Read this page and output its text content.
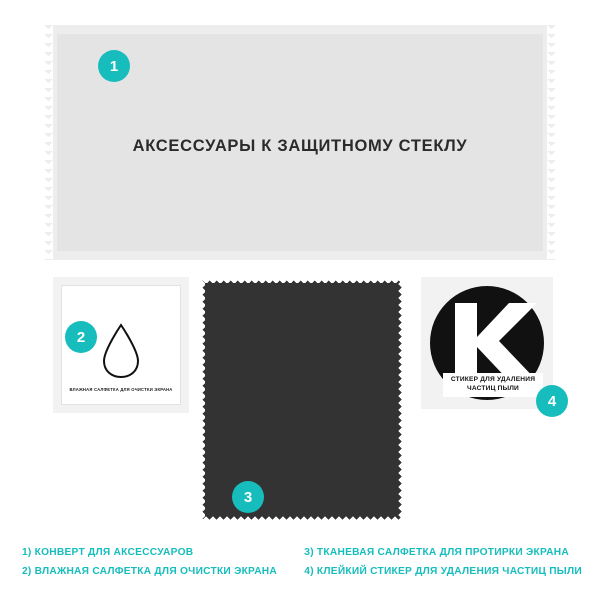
АКСЕССУАРЫ К ЗАЩИТНОМУ СТЕКЛУ
1
ВЛАЖНАЯ САЛФЕТКА ДЛЯ ОЧИСТКИ ЭКРАНА
2
3
СТИКЕР ДЛЯ УДАЛЕНИЯ
ЧАСТИЦ ПЫЛИ
4
1) КОНВЕРТ ДЛЯ АКСЕССУАРОВ
2) ВЛАЖНАЯ САЛФЕТКА ДЛЯ ОЧИСТКИ ЭКРАНА
3) ТКАНЕВАЯ САЛФЕТКА ДЛЯ ПРОТИРКИ ЭКРАНА
4) КЛЕЙКИЙ СТИКЕР ДЛЯ УДАЛЕНИЯ ЧАСТИЦ ПЫЛИ
